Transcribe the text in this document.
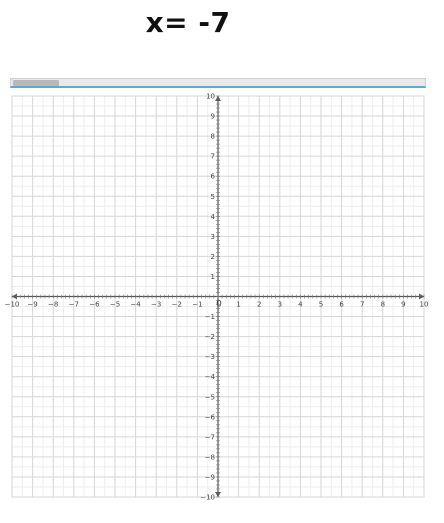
x= -7
−10 −9 −8 −7 −6 −5 −4 −3 −2 −1	1 2 3 4 5 6 7 8 9 10
10
9
8
7
6
5
4
3
2
1
−1
−2
−3
−4
−5
−6
−7
−8
−9
−10
0
